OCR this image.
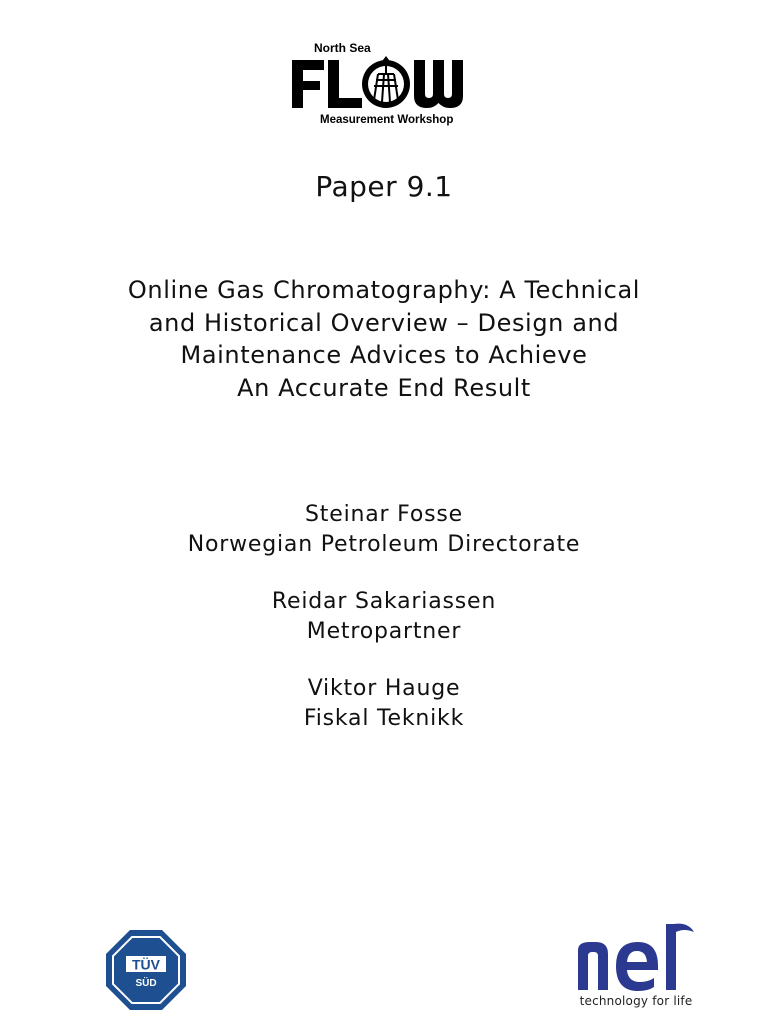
North Sea
Measurement Workshop
Paper 9.1
Online Gas Chromatography: A Technical
and Historical Overview – Design and
Maintenance Advices to Achieve
An Accurate End Result
Steinar Fosse
Norwegian Petroleum Directorate
Reidar Sakariassen
Metropartner
Viktor Hauge
Fiskal Teknikk
TÜV
SÜD
technology for life
